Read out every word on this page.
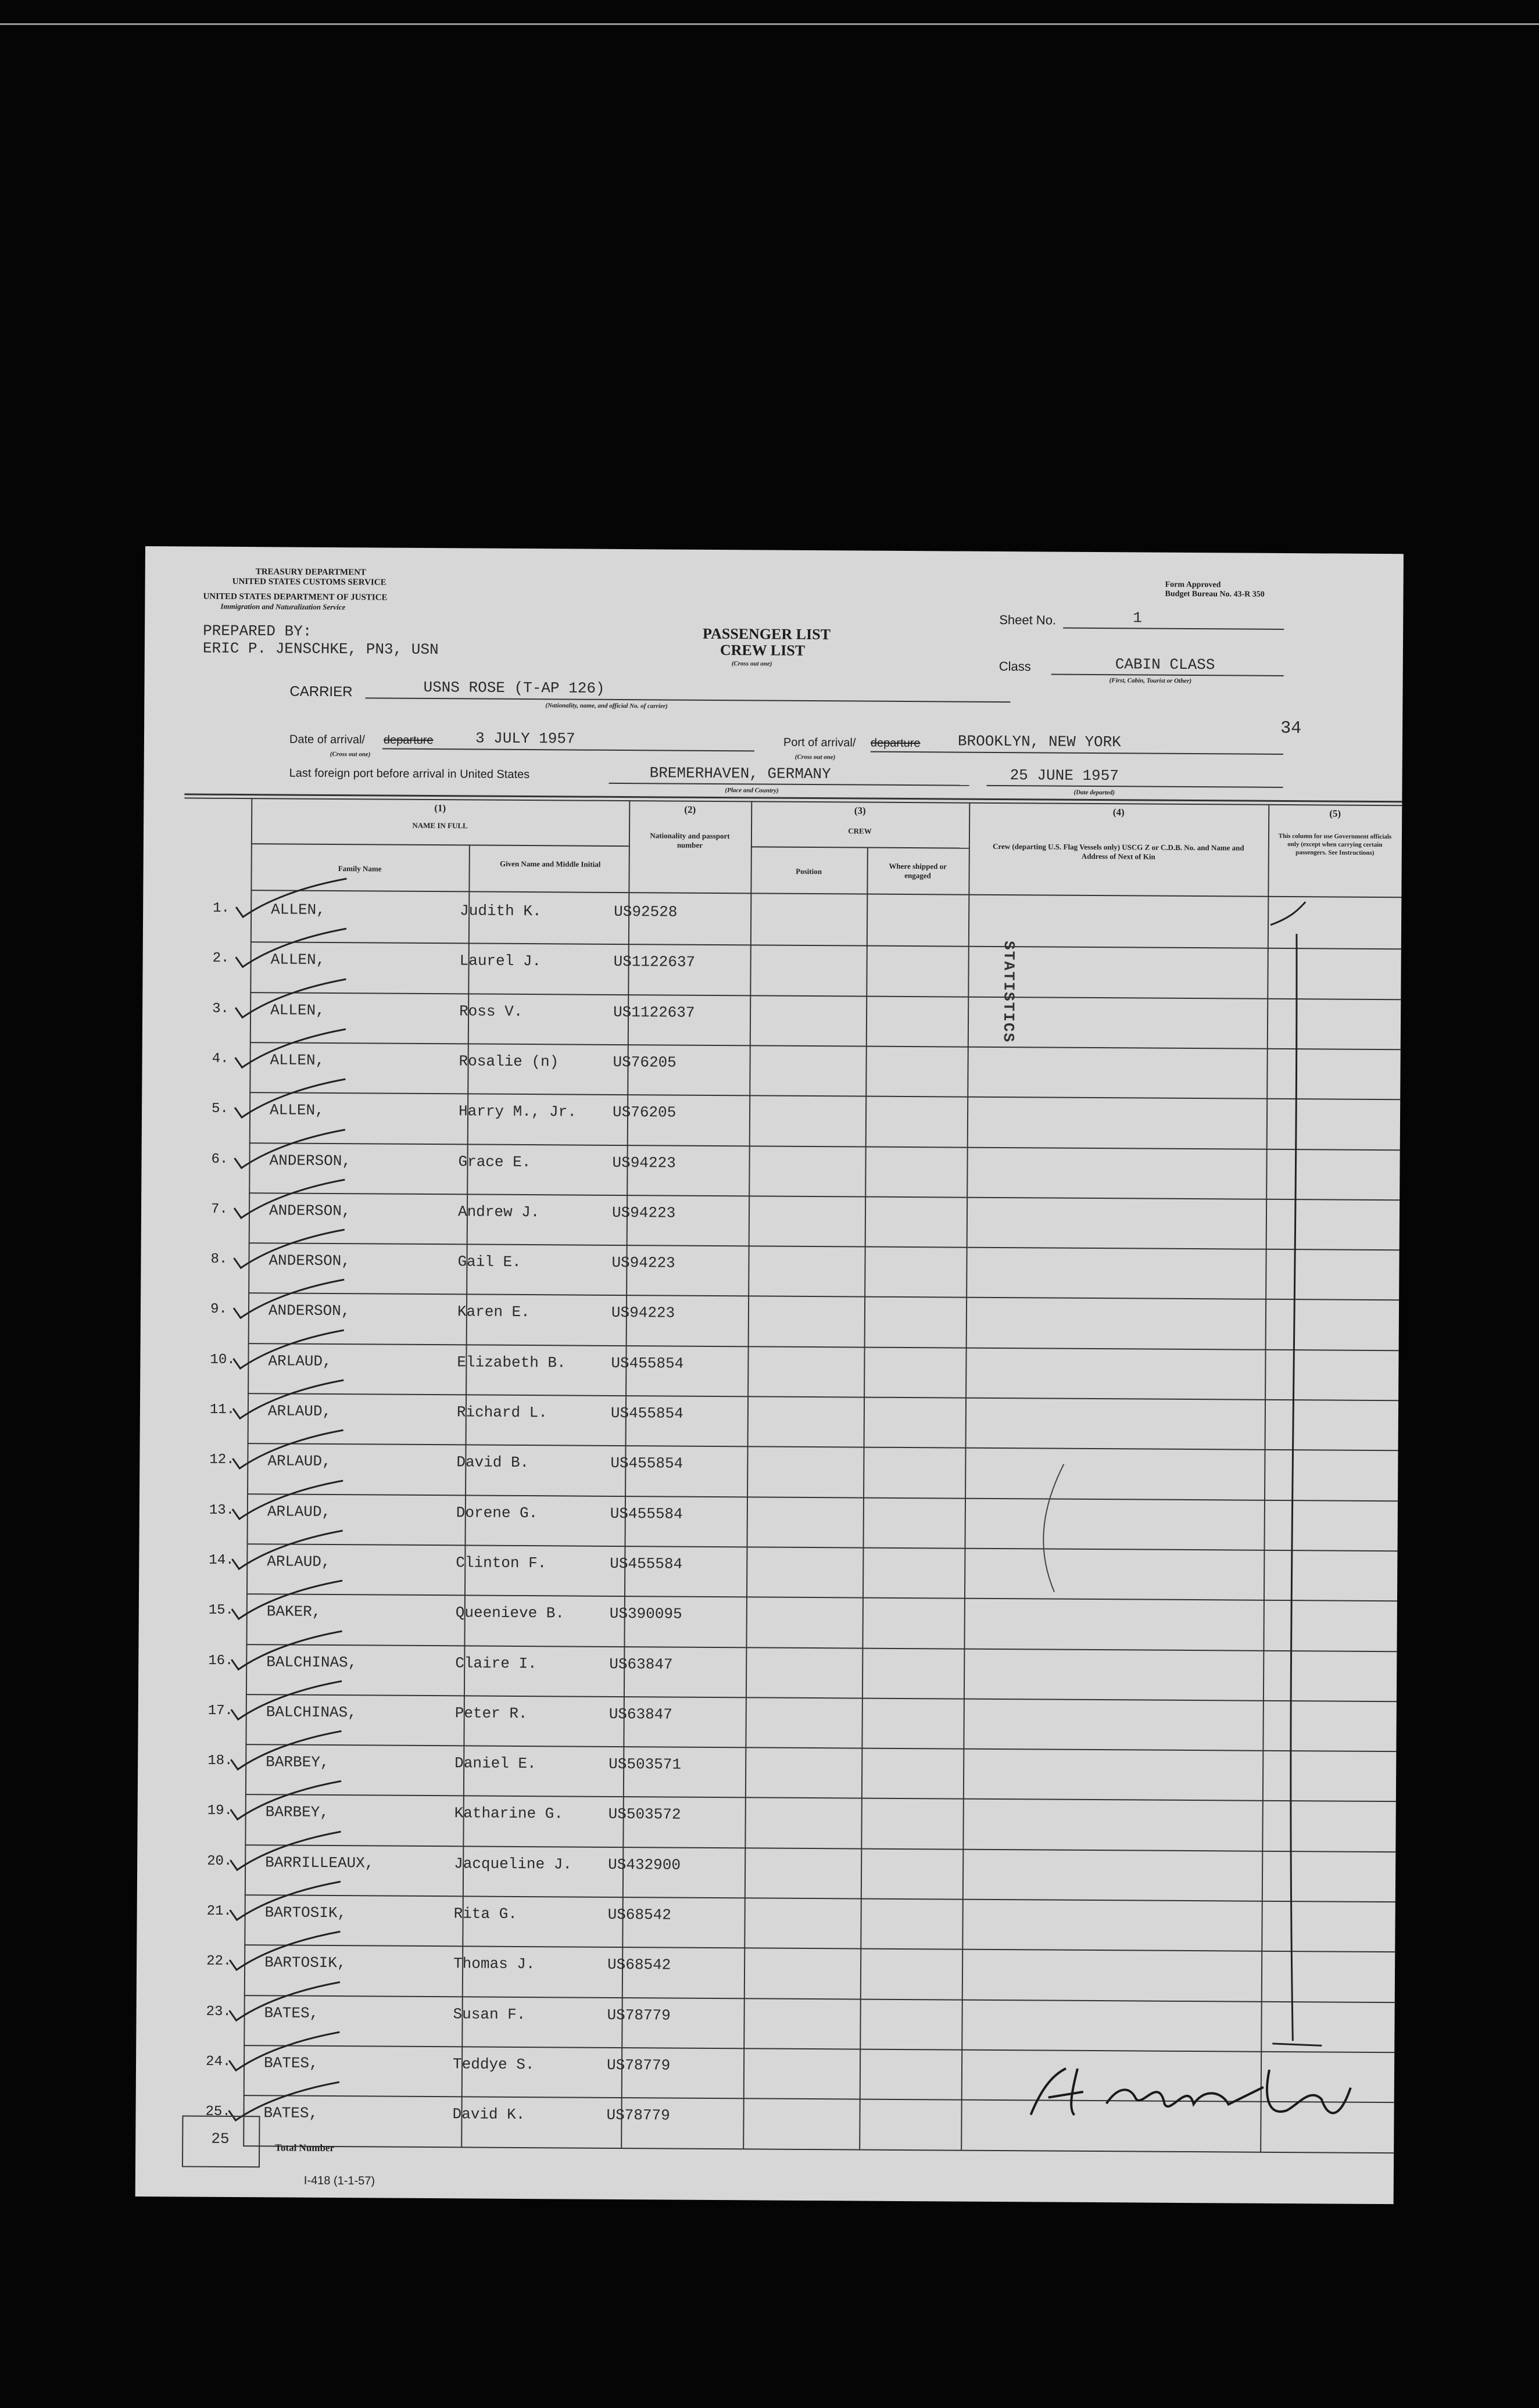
TREASURY DEPARTMENT
UNITED STATES CUSTOMS SERVICE
UNITED STATES DEPARTMENT OF JUSTICE
Immigration and Naturalization Service
Form Approved
Budget Bureau No. 43-R 350
PREPARED BY:
ERIC P. JENSCHKE, PN3, USN
PASSENGER LIST
CREW LIST
(Cross out one)
Sheet No.	1
Class	CABIN CLASS
(First, Cabin, Tourist or Other)
CARRIER	USNS ROSE (T-AP 126)
(Nationality, name, and official No. of carrier)
34
Date of arrival/ departure	3 JULY 1957
(Cross out one)
Port of arrival/ departure BROOKLYN, NEW YORK
(Cross out one)
Last foreign port before arrival in United States	BREMERHAVEN, GERMANY
(Place and Country)
25 JUNE 1957
(Date departed)
(1)
NAME IN FULL
Family Name	Given Name and Middle Initial
(2)
Nationality and passport number
(3)
CREW
Position
Where shipped or engaged
(4)
Crew (departing U.S. Flag Vessels only) USCG Z or C.D.B. No. and Name and Address of Next of Kin
(5)
This column for use Government officials only (except when carrying certain passengers. See Instructions)
1.	ALLEN,	Judith K.	US92528
2.	ALLEN,	Laurel J.	US1122637
3.	ALLEN,	Ross V.	US1122637
4.	ALLEN,	Rosalie (n)	US76205
5.	ALLEN,	Harry M., Jr. US76205
6.	ANDERSON,	Grace E.	US94223
7.	ANDERSON,	Andrew J.	US94223
8.	ANDERSON,	Gail E.	US94223
9.	ANDERSON,	Karen E.	US94223
10. ARLAUD,	Elizabeth B.	US455854
11. ARLAUD,	Richard L.	US455854
12. ARLAUD,	David B.	US455854
13. ARLAUD,	Dorene G.	US455584
14. ARLAUD,	Clinton F.	US455584
15. BAKER,	Queenieve B.	US390095
16. BALCHINAS,	Claire I.	US63847
17. BALCHINAS,	Peter R.	US63847
18. BARBEY,	Daniel E.	US503571
19. BARBEY,	Katharine G.	US503572
20. BARRILLEAUX,	Jacqueline J. US432900
21. BARTOSIK,	Rita G.	US68542
22. BARTOSIK,	Thomas J.	US68542
23. BATES,	Susan F.	US78779
24. BATES,	Teddye S.	US78779
25. BATES,	David K.	US78779
STATISTICS
25
Total Number
I-418 (1-1-57)
